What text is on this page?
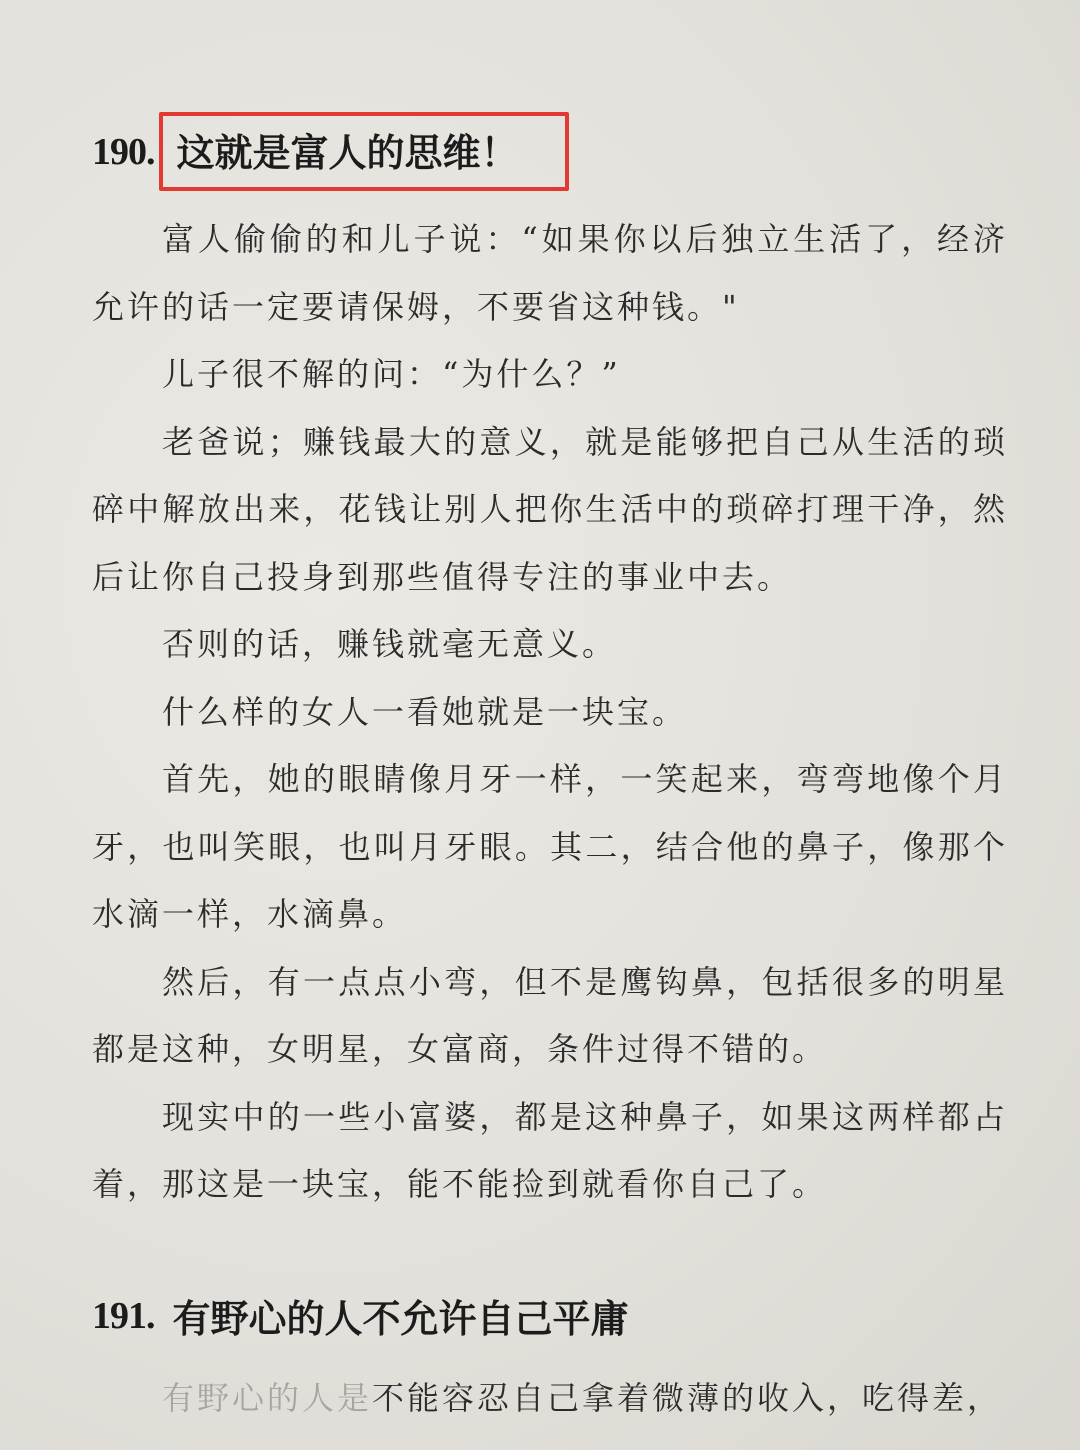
190. 这就是富人的思维！

富人偷偷的和儿子说：“如果你以后独立生活了，经济允许的话一定要请保姆，不要省这种钱。"

儿子很不解的问：“为什么？”

老爸说；赚钱最大的意义，就是能够把自己从生活的琐碎中解放出来，花钱让别人把你生活中的琐碎打理干净，然后让你自己投身到那些值得专注的事业中去。

否则的话，赚钱就毫无意义。

什么样的女人一看她就是一块宝。

首先，她的眼睛像月牙一样，一笑起来，弯弯地像个月牙，也叫笑眼，也叫月牙眼。其二，结合他的鼻子，像那个水滴一样，水滴鼻。

然后，有一点点小弯，但不是鹰钩鼻，包括很多的明星都是这种，女明星，女富商，条件过得不错的。

现实中的一些小富婆，都是这种鼻子，如果这两样都占着，那这是一块宝，能不能捡到就看你自己了。

191. 有野心的人不允许自己平庸
有野心的人是不能容忍自己拿着微薄的收入，吃得差，
